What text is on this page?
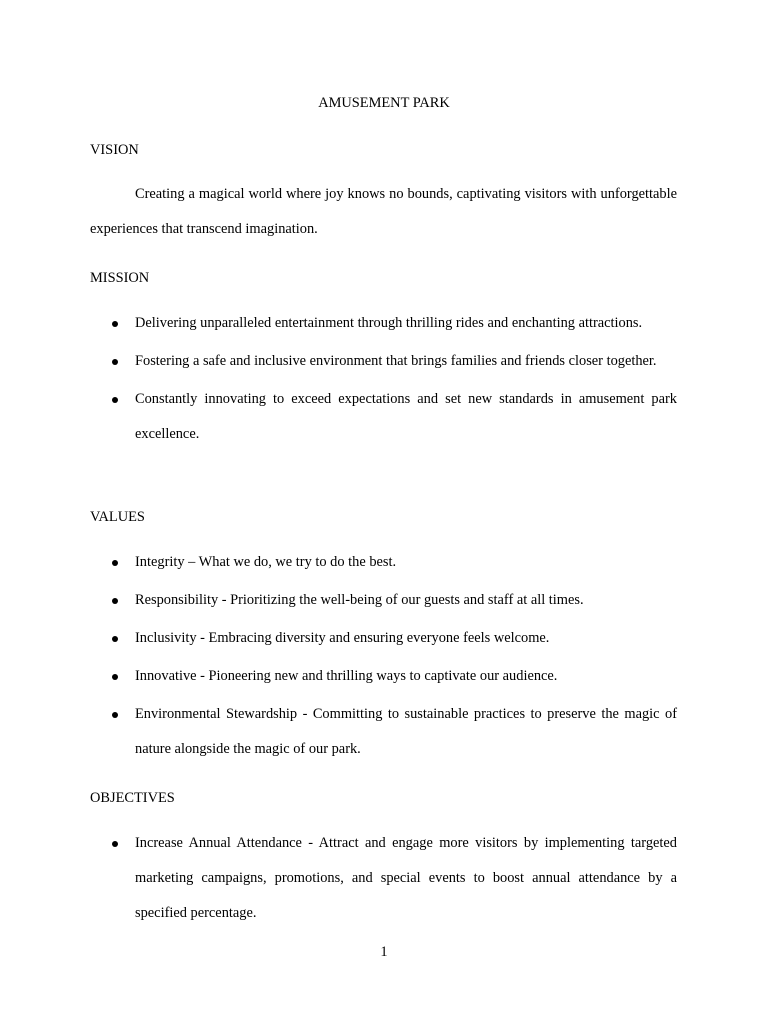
AMUSEMENT PARK
VISION

Creating a magical world where joy knows no bounds, captivating visitors with unforgettable experiences that transcend imagination.

MISSION
Delivering unparalleled entertainment through thrilling rides and enchanting attractions.
Fostering a safe and inclusive environment that brings families and friends closer together.
Constantly innovating to exceed expectations and set new standards in amusement park excellence.
VALUES
Integrity – What we do, we try to do the best.
Responsibility - Prioritizing the well-being of our guests and staff at all times.
Inclusivity - Embracing diversity and ensuring everyone feels welcome.
Innovative - Pioneering new and thrilling ways to captivate our audience.
Environmental Stewardship - Committing to sustainable practices to preserve the magic of nature alongside the magic of our park.
OBJECTIVES
Increase Annual Attendance - Attract and engage more visitors by implementing targeted marketing campaigns, promotions, and special events to boost annual attendance by a specified percentage.
1
